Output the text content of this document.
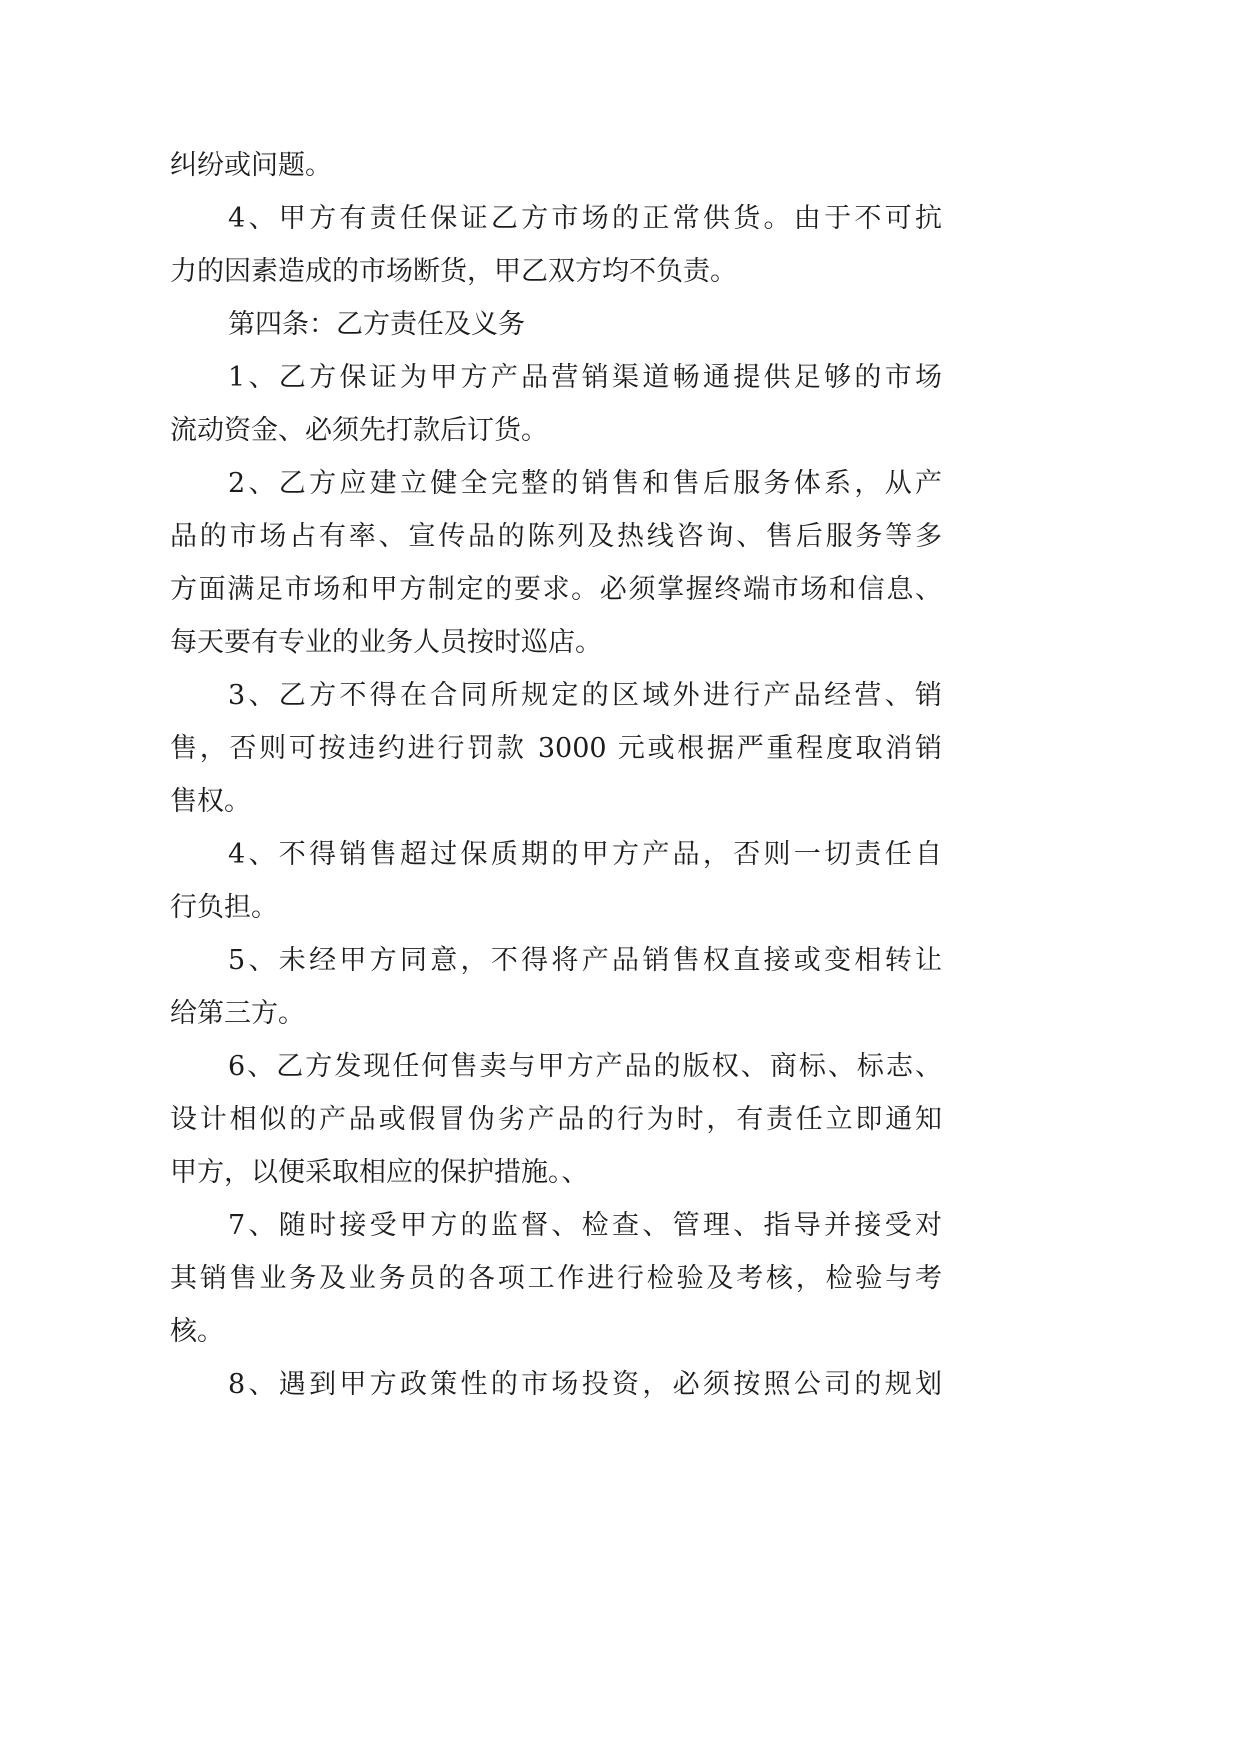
纠纷或问题。

4、甲方有责任保证乙方市场的正常供货。由于不可抗

力的因素造成的市场断货，甲乙双方均不负责。

第四条：乙方责任及义务

1、乙方保证为甲方产品营销渠道畅通提供足够的市场

流动资金、必须先打款后订货。

2、乙方应建立健全完整的销售和售后服务体系，从产

品的市场占有率、宣传品的陈列及热线咨询、售后服务等多

方面满足市场和甲方制定的要求。必须掌握终端市场和信息、

每天要有专业的业务人员按时巡店。

3、乙方不得在合同所规定的区域外进行产品经营、销

售，否则可按违约进行罚款 3000 元或根据严重程度取消销

售权。

4、不得销售超过保质期的甲方产品，否则一切责任自

行负担。

5、未经甲方同意，不得将产品销售权直接或变相转让

给第三方。

6、乙方发现任何售卖与甲方产品的版权、商标、标志、

设计相似的产品或假冒伪劣产品的行为时，有责任立即通知

甲方，以便采取相应的保护措施。、

7、随时接受甲方的监督、检查、管理、指导并接受对

其销售业务及业务员的各项工作进行检验及考核，检验与考

核。

8、遇到甲方政策性的市场投资，必须按照公司的规划
